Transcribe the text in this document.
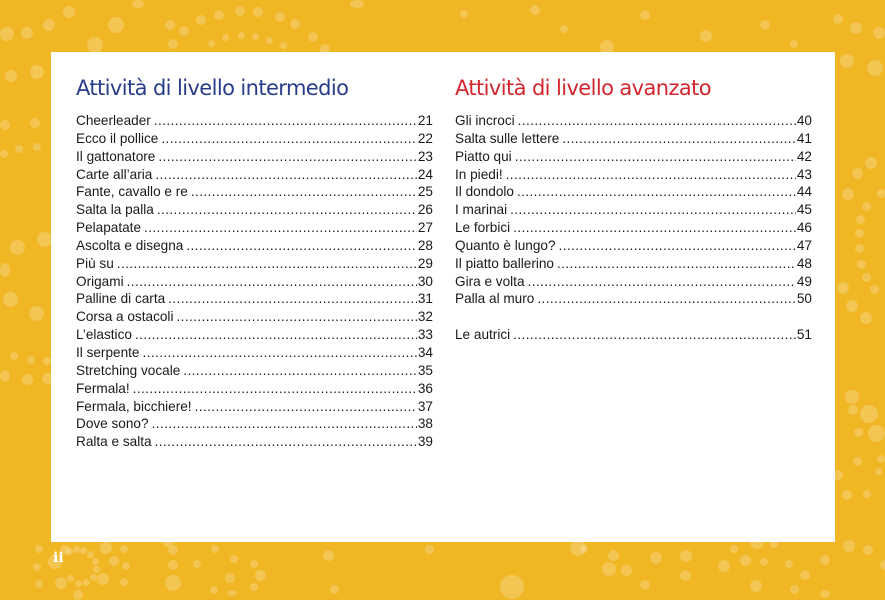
Attività di livello intermedio
Cheerleader .....	21
Ecco il pollice .....	22
Il gattonatore .....	23
Carte all’aria .....	24
Fante, cavallo e re .....	25
Salta la palla .....	26
Pelapatate .....	27
Ascolta e disegna .....	28
Più su .....	29
Origami .....	30
Palline di carta .....	31
Corsa a ostacoli .....	32
L’elastico .....	33
Il serpente .....	34
Stretching vocale .....	35
Fermala! .....	36
Fermala, bicchiere! .....	37
Dove sono? .....	38
Ralta e salta .....	39
Attività di livello avanzato
Gli incroci .....	40
Salta sulle lettere .....	41
Piatto qui .....	42
In piedi! .....	43
Il dondolo .....	44
I marinai .....	45
Le forbici .....	46
Quanto è lungo? .....	47
Il piatto ballerino .....	48
Gira e volta .....	49
Palla al muro .....	50
Le autrici .....	51
ii
